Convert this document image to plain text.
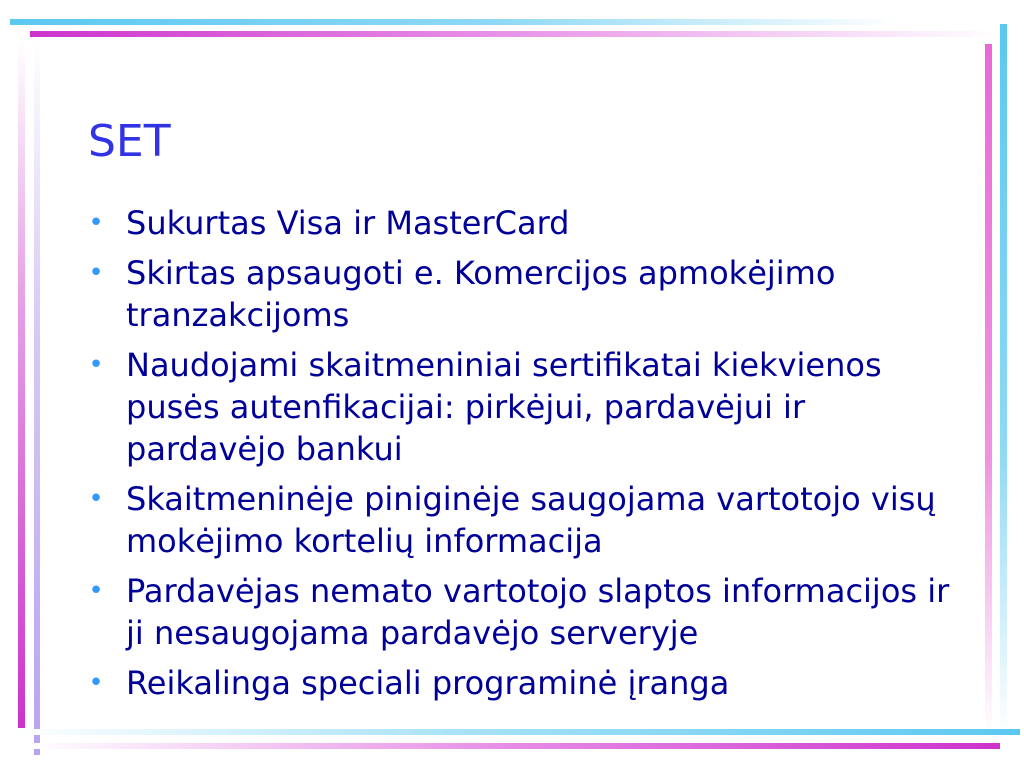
SET
• Sukurtas Visa ir MasterCard
• Skirtas apsaugoti e. Komercijos apmokėjimo tranzakcijoms
• Naudojami skaitmeniniai sertifikatai kiekvienos pusės autenfikacijai: pirkėjui, pardavėjui ir pardavėjo bankui
• Skaitmeninėje piniginėje saugojama vartotojo visų mokėjimo kortelių informacija
• Pardavėjas nemato vartotojo slaptos informacijos ir ji nesaugojama pardavėjo serveryje
• Reikalinga speciali programinė įranga
